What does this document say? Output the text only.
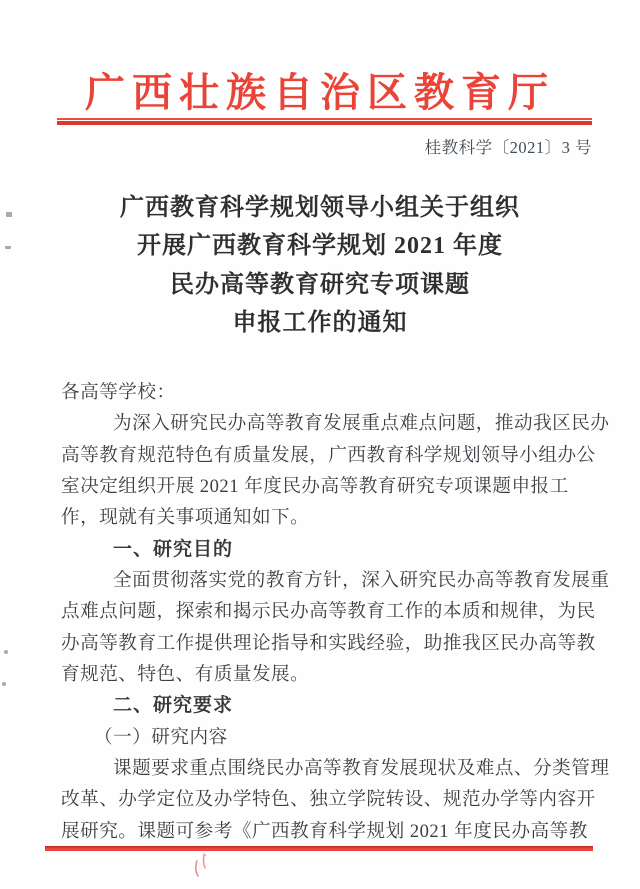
广西壮族自治区教育厅
桂教科学〔2021〕3 号
广西教育科学规划领导小组关于组织
开展广西教育科学规划 2021 年度
民办高等教育研究专项课题
申报工作的通知
各高等学校：
为深入研究民办高等教育发展重点难点问题，推动我区民办
高等教育规范特色有质量发展，广西教育科学规划领导小组办公
室决定组织开展 2021 年度民办高等教育研究专项课题申报工
作，现就有关事项通知如下。
一、研究目的
全面贯彻落实党的教育方针，深入研究民办高等教育发展重
点难点问题，探索和揭示民办高等教育工作的本质和规律，为民
办高等教育工作提供理论指导和实践经验，助推我区民办高等教
育规范、特色、有质量发展。
二、研究要求
（一）研究内容
课题要求重点围绕民办高等教育发展现状及难点、分类管理
改革、办学定位及办学特色、独立学院转设、规范办学等内容开
展研究。课题可参考《广西教育科学规划 2021 年度民办高等教
